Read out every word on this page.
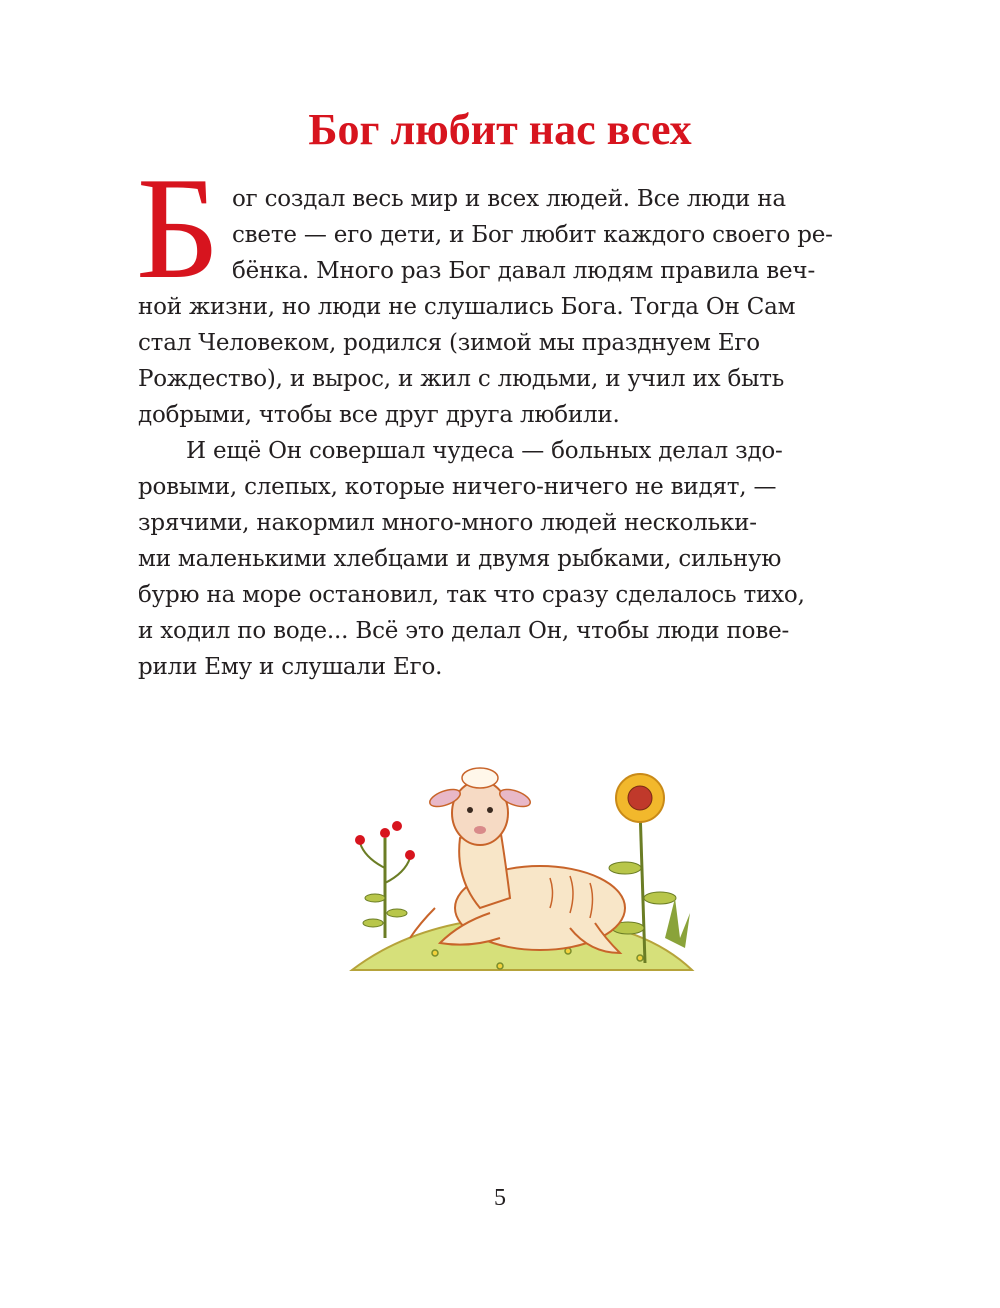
Бог любит нас всех
Б ог создал весь мир и всех людей. Все люди на
свете — его дети, и Бог любит каждого своего ре-
бёнка. Много раз Бог давал людям правила веч-
ной жизни, но люди не слушались Бога. Тогда Он Сам
стал Человеком, родился (зимой мы празднуем Его
Рождество), и вырос, и жил с людьми, и учил их быть
добрыми, чтобы все друг друга любили.
И ещё Он совершал чудеса — больных делал здо-
ровыми, слепых, которые ничего-ничего не видят, —
зрячими, накормил много-много людей нескольки-
ми маленькими хлебцами и двумя рыбками, сильную
бурю на море остановил, так что сразу сделалось тихо,
и ходил по воде... Всё это делал Он, чтобы люди пове-
рили Ему и слушали Его.
5
